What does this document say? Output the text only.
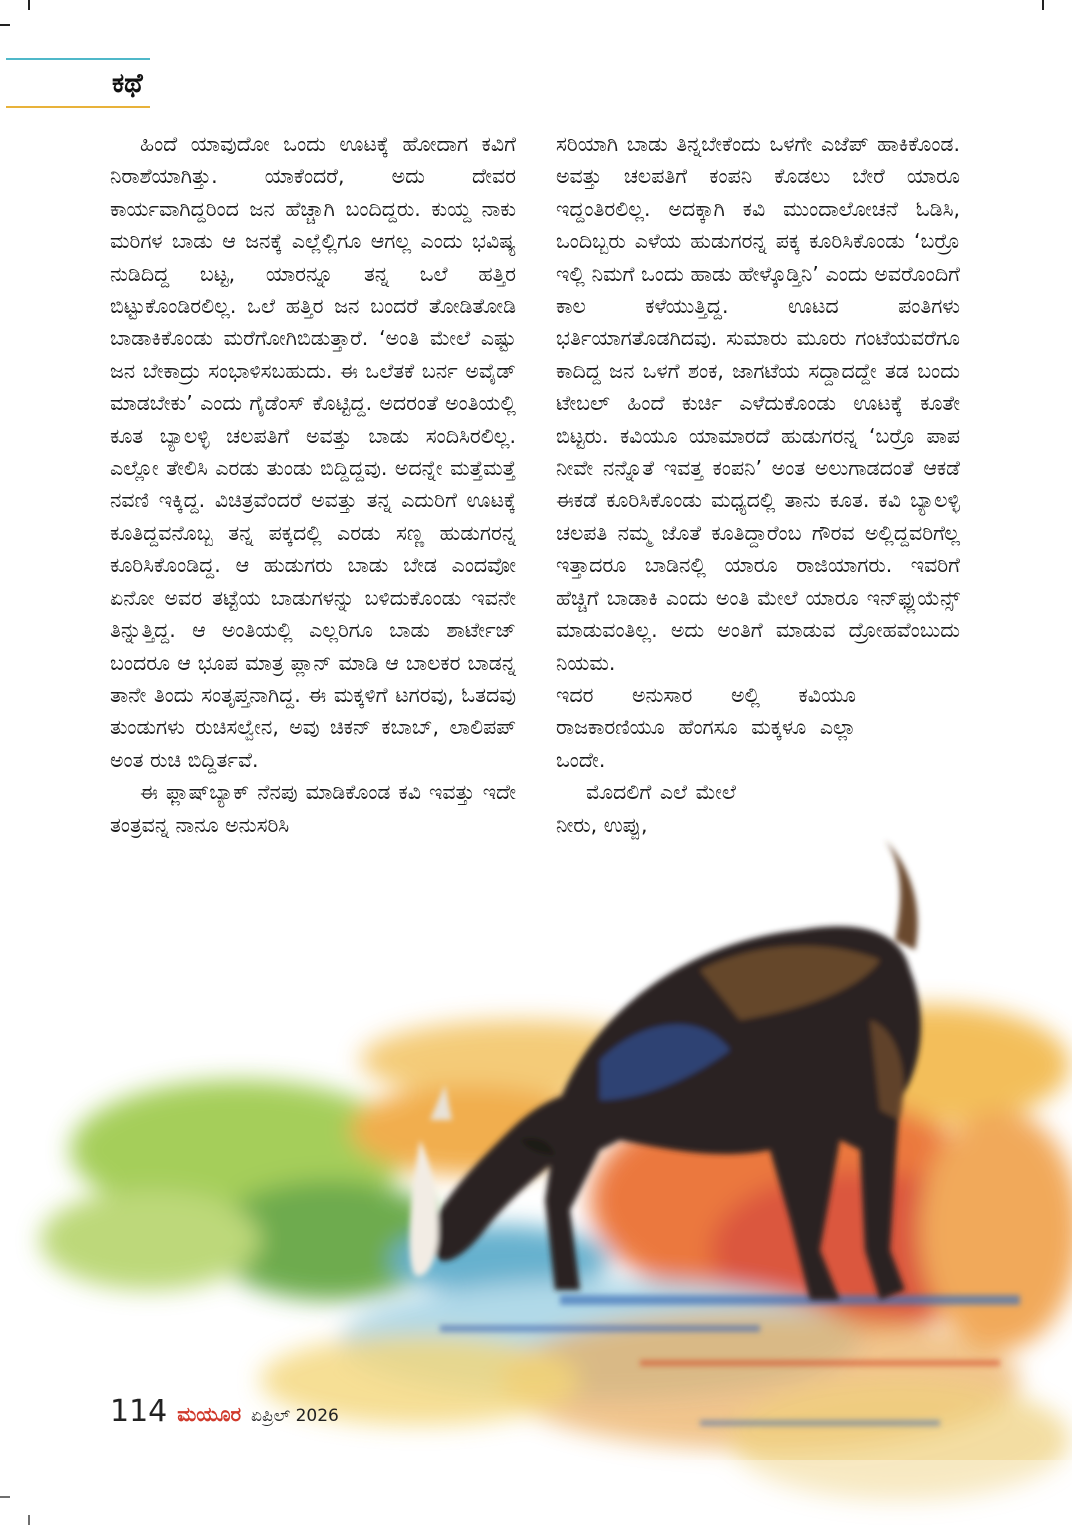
ಕಥೆ

ಹಿಂದೆ ಯಾವುದೋ ಒಂದು ಊಟಕ್ಕೆ ಹೋದಾಗ ಕವಿಗೆ ನಿರಾಶೆಯಾಗಿತ್ತು. ಯಾಕೆಂದರೆ, ಅದು ದೇವರ ಕಾರ್ಯವಾಗಿದ್ದರಿಂದ ಜನ ಹೆಚ್ಚಾಗಿ ಬಂದಿದ್ದರು. ಕುಯ್ದ ನಾಕು ಮರಿಗಳ ಬಾಡು ಆ ಜನಕ್ಕೆ ಎಲ್ಲೆಲ್ಲಿಗೂ ಆಗಲ್ಲ ಎಂದು ಭವಿಷ್ಯ ನುಡಿದಿದ್ದ ಬಟ್ಟ, ಯಾರನ್ನೂ ತನ್ನ ಒಲೆ ಹತ್ತಿರ ಬಿಟ್ಟುಕೊಂಡಿರಲಿಲ್ಲ. ಒಲೆ ಹತ್ತಿರ ಜನ ಬಂದರೆ ತೋಡಿತೋಡಿ ಬಾಡಾಕಿಕೊಂಡು ಮರೆಗೋಗಿಬಿಡುತ್ತಾರೆ. ‘ಅಂತಿ ಮೇಲೆ ಎಷ್ಟು ಜನ ಬೇಕಾದ್ರು ಸಂಭಾಳಿಸಬಹುದು. ಈ ಒಲೆತಕೆ ಬರ್ನ ಅವೈಡ್ ಮಾಡಬೇಕು’ ಎಂದು ಗೈಡೆಂಸ್ ಕೊಟ್ಟಿದ್ದ. ಅದರಂತೆ ಅಂತಿಯಲ್ಲಿ ಕೂತ ಬ್ಯಾಲಳ್ಳಿ ಚಲಪತಿಗೆ ಅವತ್ತು ಬಾಡು ಸಂದಿಸಿರಲಿಲ್ಲ. ಎಲ್ಲೋ ತೇಲಿಸಿ ಎರಡು ತುಂಡು ಬಿದ್ದಿದ್ದವು. ಅದನ್ನೇ ಮತ್ತೆಮತ್ತೆ ನವಣಿ ಇಕ್ಕಿದ್ದ. ವಿಚಿತ್ರವೆಂದರೆ ಅವತ್ತು ತನ್ನ ಎದುರಿಗೆ ಊಟಕ್ಕೆ ಕೂತಿದ್ದವನೊಬ್ಬ ತನ್ನ ಪಕ್ಕದಲ್ಲಿ ಎರಡು ಸಣ್ಣ ಹುಡುಗರನ್ನ ಕೂರಿಸಿಕೊಂಡಿದ್ದ. ಆ ಹುಡುಗರು ಬಾಡು ಬೇಡ ಎಂದವೋ ಏನೋ ಅವರ ತಟ್ಟೆಯ ಬಾಡುಗಳನ್ನು ಬಳಿದುಕೊಂಡು ಇವನೇ ತಿನ್ನುತ್ತಿದ್ದ. ಆ ಅಂತಿಯಲ್ಲಿ ಎಲ್ಲರಿಗೂ ಬಾಡು ಶಾರ್ಟೇಜ್ ಬಂದರೂ ಆ ಭೂಪ ಮಾತ್ರ ಪ್ಲಾನ್ ಮಾಡಿ ಆ ಬಾಲಕರ ಬಾಡನ್ನ ತಾನೇ ತಿಂದು ಸಂತೃಪ್ತನಾಗಿದ್ದ. ಈ ಮಕ್ಕಳಿಗೆ ಟಗರವು, ಓತದವು ತುಂಡುಗಳು ರುಚಿಸಲ್ವೇನ, ಅವು ಚಿಕನ್ ಕಬಾಬ್, ಲಾಲಿಪಪ್ ಅಂತ ರುಚಿ ಬಿದ್ದಿರ್ತವೆ.

ಈ ಫ್ಲಾಷ್‌ಬ್ಯಾಕ್ ನೆನಪು ಮಾಡಿಕೊಂಡ ಕವಿ ಇವತ್ತು ಇದೇ ತಂತ್ರವನ್ನ ನಾನೂ ಅನುಸರಿಸಿ

ಸರಿಯಾಗಿ ಬಾಡು ತಿನ್ನಬೇಕೆಂದು ಒಳಗೇ ಎಜೆಪ್ ಹಾಕಿಕೊಂಡ. ಅವತ್ತು ಚಲಪತಿಗೆ ಕಂಪನಿ ಕೊಡಲು ಬೇರೆ ಯಾರೂ ಇದ್ದಂತಿರಲಿಲ್ಲ. ಅದಕ್ಕಾಗಿ ಕವಿ ಮುಂದಾಲೋಚನೆ ಓಡಿಸಿ, ಒಂದಿಬ್ಬರು ಎಳೆಯ ಹುಡುಗರನ್ನ ಪಕ್ಕ ಕೂರಿಸಿಕೊಂಡು ‘ಬರ್‍ರೊ ಇಲ್ಲಿ ನಿಮಗೆ ಒಂದು ಹಾಡು ಹೇಳ್ಕೊಡ್ತಿನಿ’ ಎಂದು ಅವರೊಂದಿಗೆ ಕಾಲ ಕಳೆಯುತ್ತಿದ್ದ. ಊಟದ ಪಂತಿಗಳು ಭರ್ತಿಯಾಗತೊಡಗಿದವು. ಸುಮಾರು ಮೂರು ಗಂಟೆಯವರೆಗೂ ಕಾದಿದ್ದ ಜನ ಒಳಗೆ ಶಂಕ, ಜಾಗಟೆಯ ಸದ್ದಾದದ್ದೇ ತಡ ಬಂದು ಟೇಬಲ್ ಹಿಂದೆ ಕುರ್ಚಿ ಎಳೆದುಕೊಂಡು ಊಟಕ್ಕೆ ಕೂತೇ ಬಿಟ್ಟರು. ಕವಿಯೂ ಯಾಮಾರದೆ ಹುಡುಗರನ್ನ ‘ಬರ್‍ರೊ ಪಾಪ ನೀವೇ ನನ್ನೊತೆ ಇವತ್ತ ಕಂಪನಿ’ ಅಂತ ಅಲುಗಾಡದಂತೆ ಆಕಡೆ ಈಕಡೆ ಕೂರಿಸಿಕೊಂಡು ಮಧ್ಯದಲ್ಲಿ ತಾನು ಕೂತ. ಕವಿ ಬ್ಯಾಲಳ್ಳಿ ಚಲಪತಿ ನಮ್ಮ ಜೊತೆ ಕೂತಿದ್ದಾರೆಂಬ ಗೌರವ ಅಲ್ಲಿದ್ದವರಿಗೆಲ್ಲ ಇತ್ತಾದರೂ ಬಾಡಿನಲ್ಲಿ ಯಾರೂ ರಾಜಿಯಾಗರು. ಇವರಿಗೆ ಹೆಚ್ಚಿಗೆ ಬಾಡಾಕಿ ಎಂದು ಅಂತಿ ಮೇಲೆ ಯಾರೂ ಇನ್‌ಫ್ಲುಯೆನ್ಸ್ ಮಾಡುವಂತಿಲ್ಲ. ಅದು ಅಂತಿಗೆ ಮಾಡುವ ದ್ರೋಹವೆಂಬುದು ನಿಯಮ.

ಇದರ ಅನುಸಾರ ಅಲ್ಲಿ ಕವಿಯೂ ರಾಜಕಾರಣಿಯೂ ಹೆಂಗಸೂ ಮಕ್ಕಳೂ ಎಲ್ಲಾ ಒಂದೇ.

ಮೊದಲಿಗೆ ಎಲೆ ಮೇಲೆ ನೀರು, ಉಪ್ಪು,

114 ಮಯೂರ ಏಪ್ರಿಲ್ 2026
